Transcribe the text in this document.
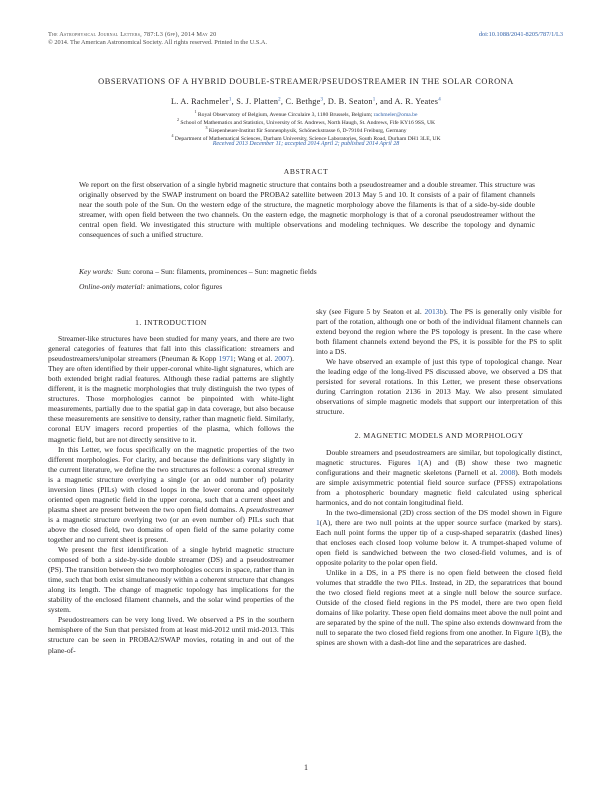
The Astrophysical Journal Letters, 787:L3 (6pp), 2014 May 20
© 2014. The American Astronomical Society. All rights reserved. Printed in the U.S.A.
doi:10.1088/2041-8205/787/1/L3
OBSERVATIONS OF A HYBRID DOUBLE-STREAMER/PSEUDOSTREAMER IN THE SOLAR CORONA
L. A. Rachmeler$^1$, S. J. Platten$^2$, C. Bethge$^3$, D. B. Seaton$^1$, and A. R. Yeates$^4$
$^1$ Royal Observatory of Belgium, Avenue Circulaire 3, 1180 Brussels, Belgium; rachmeler@oma.be
$^2$ School of Mathematics and Statistics, University of St. Andrews, North Haugh, St. Andrews, Fife KY16 9SS, UK
$^3$ Kiepenheuer-Institut für Sonnenphysik, Schöneckstrasse 6, D-79104 Freiburg, Germany
$^4$ Department of Mathematical Sciences, Durham University, Science Laboratories, South Road, Durham DH1 3LE, UK
Received 2013 December 11; accepted 2014 April 2; published 2014 April 28
ABSTRACT
We report on the first observation of a single hybrid magnetic structure that contains both a pseudostreamer and a double streamer. This structure was originally observed by the SWAP instrument on board the PROBA2 satellite between 2013 May 5 and 10. It consists of a pair of filament channels near the south pole of the Sun. On the western edge of the structure, the magnetic morphology above the filaments is that of a side-by-side double streamer, with open field between the two channels. On the eastern edge, the magnetic morphology is that of a coronal pseudostreamer without the central open field. We investigated this structure with multiple observations and modeling techniques. We describe the topology and dynamic consequences of such a unified structure.
Key words: Sun: corona – Sun: filaments, prominences – Sun: magnetic fields
Online-only material: animations, color figures
1. INTRODUCTION

Streamer-like structures have been studied for many years, and there are two general categories of features that fall into this classification: streamers and pseudostreamers/unipolar streamers (Pneuman & Kopp 1971; Wang et al. 2007). They are often identified by their upper-coronal white-light signatures, which are both extended bright radial features. Although these radial patterns are slightly different, it is the magnetic morphologies that truly distinguish the two types of structures. Those morphologies cannot be pinpointed with white-light measurements, partially due to the spatial gap in data coverage, but also because these measurements are sensitive to density, rather than magnetic field. Similarly, coronal EUV imagers record properties of the plasma, which follows the magnetic field, but are not directly sensitive to it.

In this Letter, we focus specifically on the magnetic properties of the two different morphologies. For clarity, and because the definitions vary slightly in the current literature, we define the two structures as follows: a coronal streamer is a magnetic structure overlying a single (or an odd number of) polarity inversion lines (PILs) with closed loops in the lower corona and oppositely oriented open magnetic field in the upper corona, such that a current sheet and plasma sheet are present between the two open field domains. A pseudostreamer is a magnetic structure overlying two (or an even number of) PILs such that above the closed field, two domains of open field of the same polarity come together and no current sheet is present.

We present the first identification of a single hybrid magnetic structure composed of both a side-by-side double streamer (DS) and a pseudostreamer (PS). The transition between the two morphologies occurs in space, rather than in time, such that both exist simultaneously within a coherent structure that changes along its length. The change of magnetic topology has implications for the stability of the enclosed filament channels, and the solar wind properties of the system.

Pseudostreamers can be very long lived. We observed a PS in the southern hemisphere of the Sun that persisted from at least mid-2012 until mid-2013. This structure can be seen in PROBA2/SWAP movies, rotating in and out of the plane-of-

sky (see Figure 5 by Seaton et al. 2013b). The PS is generally only visible for part of the rotation, although one or both of the individual filament channels can extend beyond the region where the PS topology is present. In the case where both filament channels extend beyond the PS, it is possible for the PS to split into a DS.

We have observed an example of just this type of topological change. Near the leading edge of the long-lived PS discussed above, we observed a DS that persisted for several rotations. In this Letter, we present these observations during Carrington rotation 2136 in 2013 May. We also present simulated observations of simple magnetic models that support our interpretation of this structure.

2. MAGNETIC MODELS AND MORPHOLOGY

Double streamers and pseudostreamers are similar, but topologically distinct, magnetic structures. Figures 1(A) and (B) show these two magnetic configurations and their magnetic skeletons (Parnell et al. 2008). Both models are simple axisymmetric potential field source surface (PFSS) extrapolations from a photospheric boundary magnetic field calculated using spherical harmonics, and do not contain longitudinal field.

In the two-dimensional (2D) cross section of the DS model shown in Figure 1(A), there are two null points at the upper source surface (marked by stars). Each null point forms the upper tip of a cusp-shaped separatrix (dashed lines) that encloses each closed loop volume below it. A trumpet-shaped volume of open field is sandwiched between the two closed-field volumes, and is of opposite polarity to the polar open field.

Unlike in a DS, in a PS there is no open field between the closed field volumes that straddle the two PILs. Instead, in 2D, the separatrices that bound the two closed field regions meet at a single null below the source surface. Outside of the closed field regions in the PS model, there are two open field domains of like polarity. These open field domains meet above the null point and are separated by the spine of the null. The spine also extends downward from the null to separate the two closed field regions from one another. In Figure 1(B), the spines are shown with a dash-dot line and the separatrices are dashed.

1
